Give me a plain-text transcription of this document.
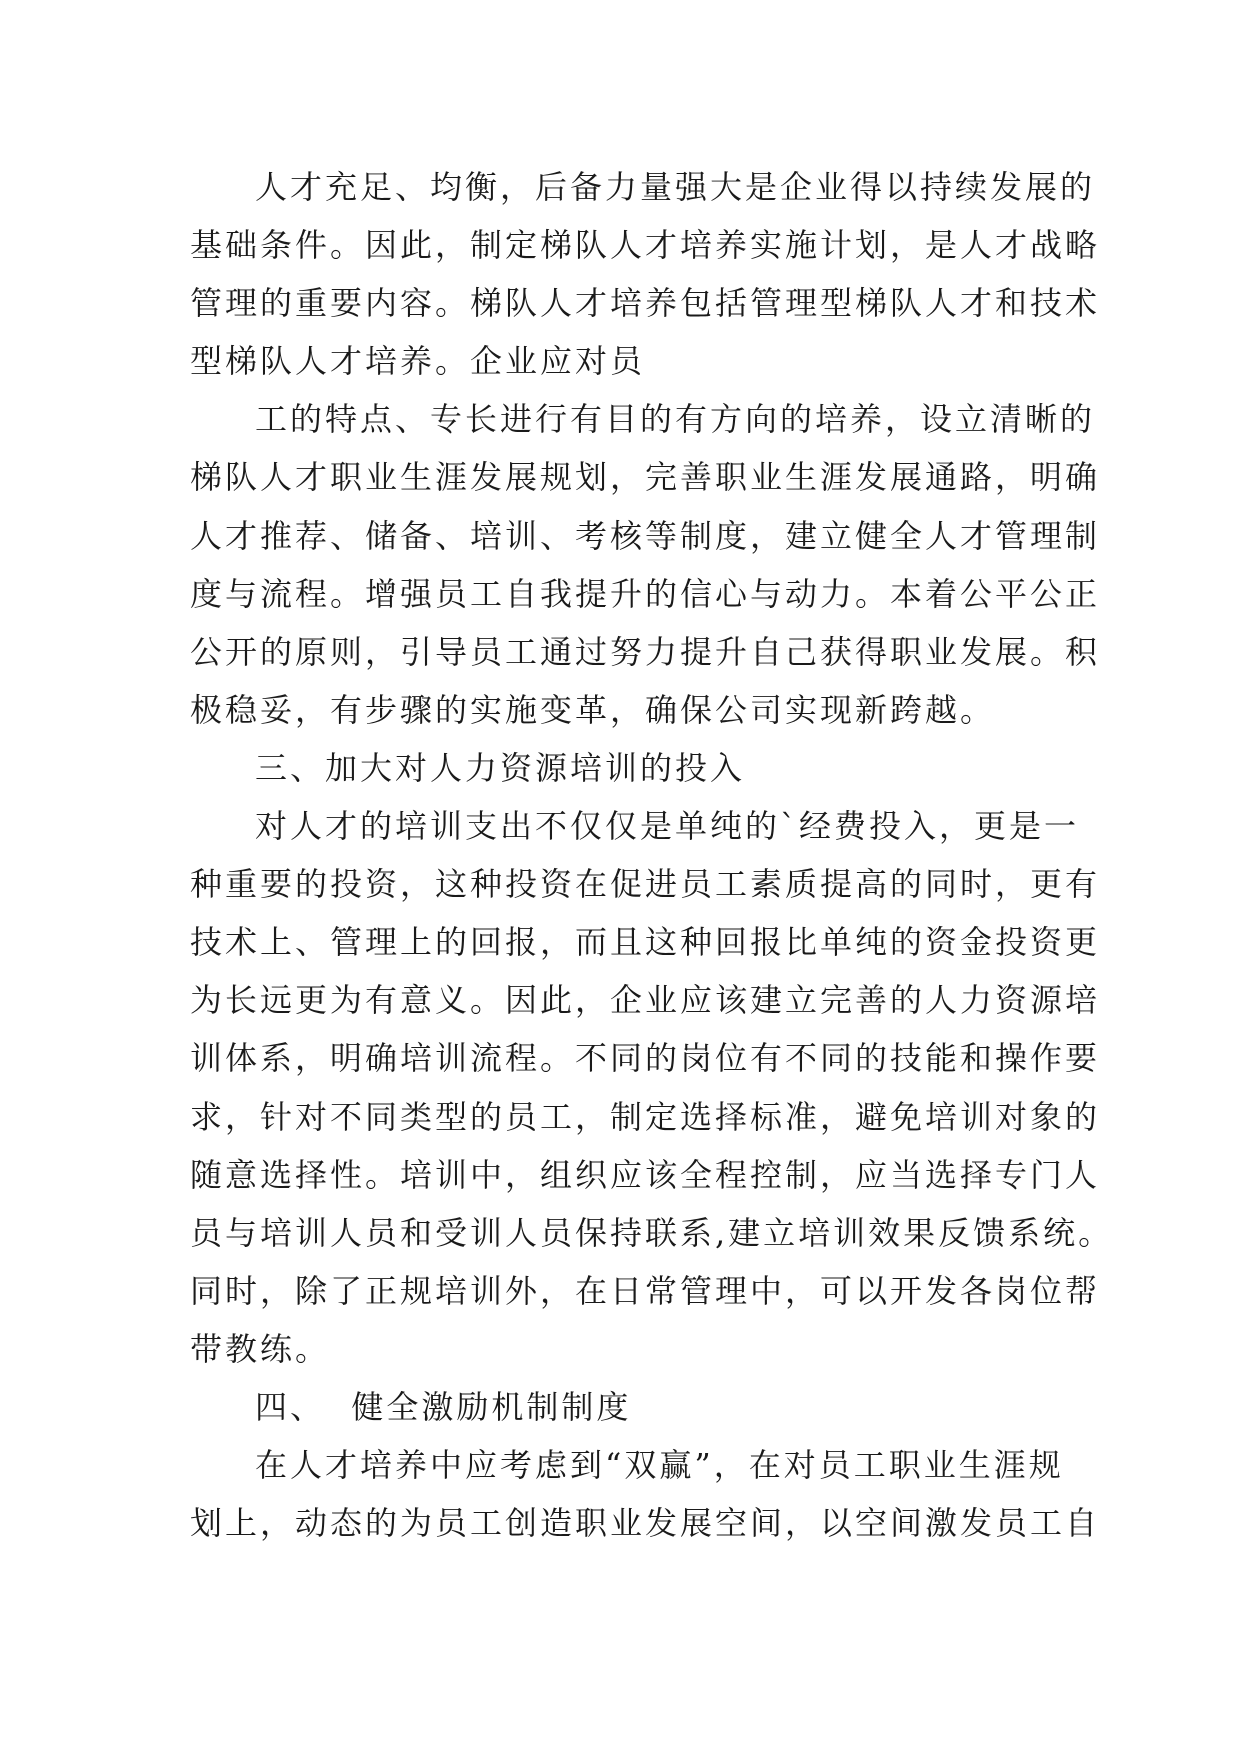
人才充足、均衡，后备力量强大是企业得以持续发展的
基础条件。因此，制定梯队人才培养实施计划，是人才战略
管理的重要内容。梯队人才培养包括管理型梯队人才和技术
型梯队人才培养。企业应对员
工的特点、专长进行有目的有方向的培养，设立清晰的
梯队人才职业生涯发展规划，完善职业生涯发展通路，明确
人才推荐、储备、培训、考核等制度，建立健全人才管理制
度与流程。增强员工自我提升的信心与动力。本着公平公正
公开的原则，引导员工通过努力提升自己获得职业发展。积
极稳妥，有步骤的实施变革，确保公司实现新跨越。
三、加大对人力资源培训的投入
对人才的培训支出不仅仅是单纯的`经费投入，更是一
种重要的投资，这种投资在促进员工素质提高的同时，更有
技术上、管理上的回报，而且这种回报比单纯的资金投资更
为长远更为有意义。因此，企业应该建立完善的人力资源培
训体系，明确培训流程。不同的岗位有不同的技能和操作要
求，针对不同类型的员工，制定选择标准，避免培训对象的
随意选择性。培训中，组织应该全程控制，应当选择专门人
员与培训人员和受训人员保持联系,建立培训效果反馈系统。
同时，除了正规培训外，在日常管理中，可以开发各岗位帮
带教练。
四、  健全激励机制制度
在人才培养中应考虑到“双赢”，在对员工职业生涯规
划上，动态的为员工创造职业发展空间，以空间激发员工自
